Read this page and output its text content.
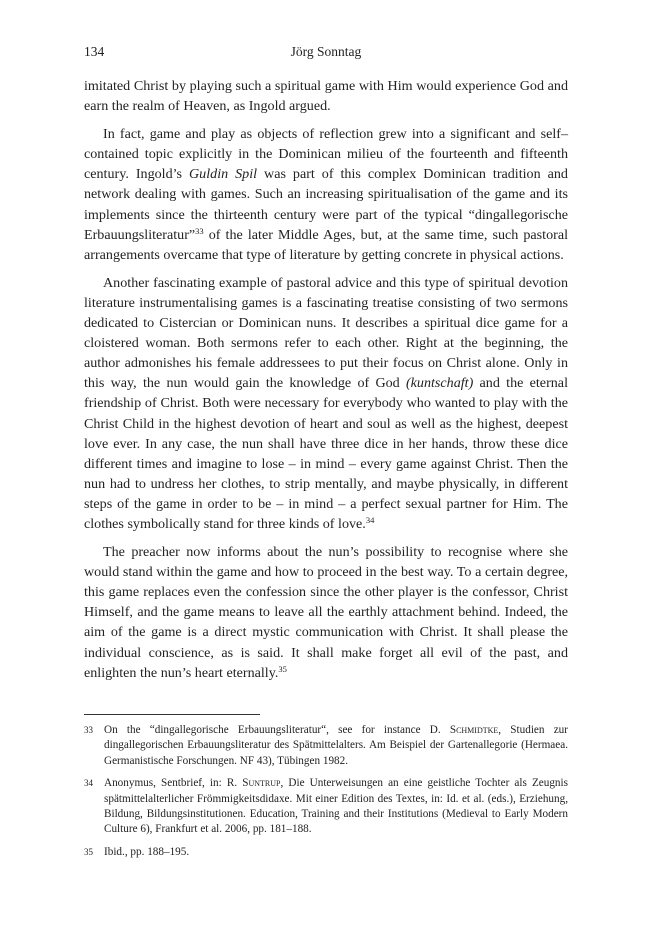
134	Jörg Sonntag

imitated Christ by playing such a spiritual game with Him would experience God and earn the realm of Heaven, as Ingold argued.

In fact, game and play as objects of reflection grew into a significant and self–contained topic explicitly in the Dominican milieu of the fourteenth and fifteenth century. Ingold’s Guldin Spil was part of this complex Dominican tradition and network dealing with games. Such an increasing spiritualisation of the game and its implements since the thirteenth century were part of the typical “dingallegorische Erbauungsliteratur”$^{33}$ of the later Middle Ages, but, at the same time, such pastoral arrangements overcame that type of literature by getting concrete in physical actions.

Another fascinating example of pastoral advice and this type of spiritual devotion literature instrumentalising games is a fascinating treatise consisting of two sermons dedicated to Cistercian or Dominican nuns. It describes a spiritual dice game for a cloistered woman. Both sermons refer to each other. Right at the beginning, the author admonishes his female addressees to put their focus on Christ alone. Only in this way, the nun would gain the knowledge of God (kuntschaft) and the eternal friendship of Christ. Both were necessary for everybody who wanted to play with the Christ Child in the highest devotion of heart and soul as well as the highest, deepest love ever. In any case, the nun shall have three dice in her hands, throw these dice different times and imagine to lose – in mind – every game against Christ. Then the nun had to undress her clothes, to strip mentally, and maybe physically, in different steps of the game in order to be – in mind – a perfect sexual partner for Him. The clothes symbolically stand for three kinds of love.$^{34}$

The preacher now informs about the nun’s possibility to recognise where she would stand within the game and how to proceed in the best way. To a certain degree, this game replaces even the confession since the other player is the confessor, Christ Himself, and the game means to leave all the earthly attachment behind. Indeed, the aim of the game is a direct mystic communication with Christ. It shall please the individual conscience, as is said. It shall make forget all evil of the past, and enlighten the nun’s heart eternally.$^{35}$

33 On the “dingallegorische Erbauungsliteratur“, see for instance D. Schmidtke, Studien zur dingallegorischen Erbauungsliteratur des Spätmittelalters. Am Beispiel der Gartenallegorie (Hermaea. Germanistische Forschungen. NF 43), Tübingen 1982.
34 Anonymus, Sentbrief, in: R. Suntrup, Die Unterweisungen an eine geistliche Tochter als Zeugnis spätmittelalterlicher Frömmigkeitsdidaxe. Mit einer Edition des Textes, in: Id. et al. (eds.), Erziehung, Bildung, Bildungsinstitutionen. Education, Training and their Institutions (Medieval to Early Modern Culture 6), Frankfurt et al. 2006, pp. 181–188.
35 Ibid., pp. 188–195.
